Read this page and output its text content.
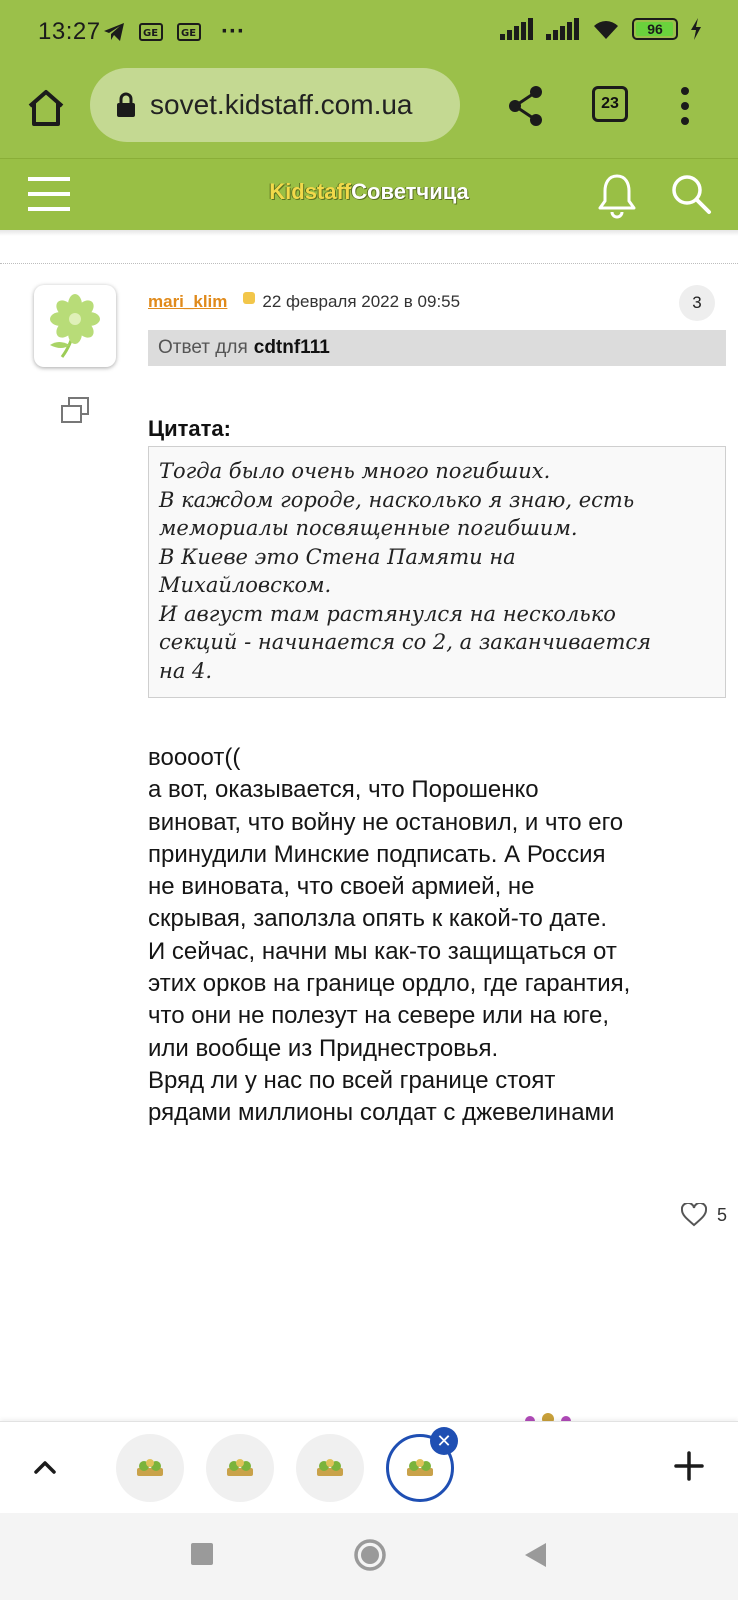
13:27	GE GE ···	96
sovet.kidstaff.com.ua	23
KidstaffСоветчица
mari_klim 22 февраля 2022 в 09:55	3
Ответ для cdtnf111
Цитата:
Тогда было очень много погибших.
В каждом городе, насколько я знаю, есть
мемориалы посвященные погибшим.
В Киеве это Стена Памяти на
Михайловском.
И август там растянулся на несколько
секций - начинается со 2, а заканчивается
на 4.
воооот((
а вот, оказывается, что Порошенко
виноват, что войну не остановил, и что его
принудили Минские подписать. А Россия
не виновата, что своей армией, не
скрывая, заползла опять к какой-то дате.
И сейчас, начни мы как-то защищаться от
этих орков на границе ордло, где гарантия,
что они не полезут на севере или на юге,
или вообще из Приднестровья.
Вряд ли у нас по всей границе стоят
рядами миллионы солдат с джевелинами
5
✕
